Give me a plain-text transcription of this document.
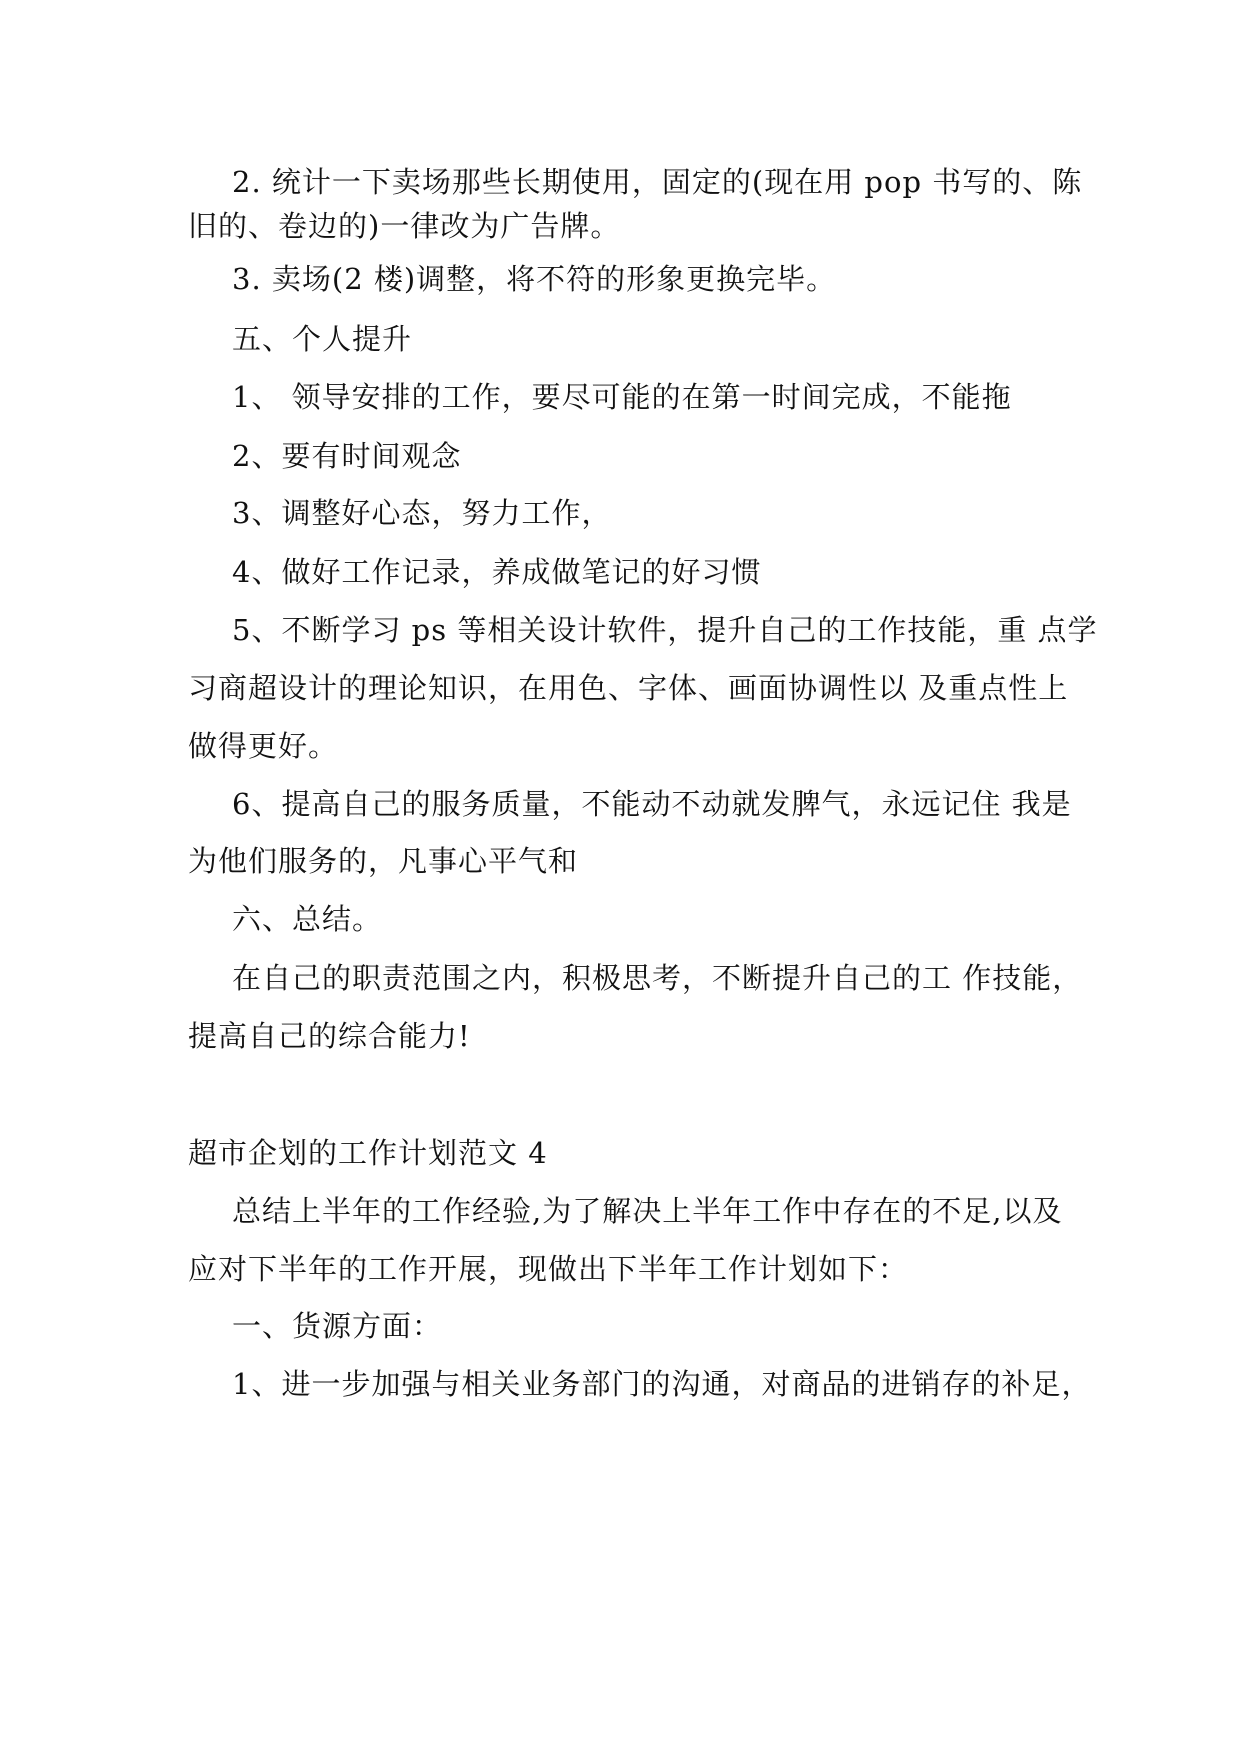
2. 统计一下卖场那些长期使用，固定的(现在用 pop 书写的、陈
旧的、卷边的)一律改为广告牌。
3. 卖场(2 楼)调整，将不符的形象更换完毕。
五、个人提升
1、 领导安排的工作，要尽可能的在第一时间完成，不能拖
2、要有时间观念
3、调整好心态，努力工作，
4、做好工作记录，养成做笔记的好习惯
5、不断学习 ps 等相关设计软件，提升自己的工作技能，重 点学
习商超设计的理论知识，在用色、字体、画面协调性以 及重点性上
做得更好。
6、提高自己的服务质量，不能动不动就发脾气，永远记住 我是
为他们服务的，凡事心平气和
六、总结。
在自己的职责范围之内，积极思考，不断提升自己的工 作技能，
提高自己的综合能力!
超市企划的工作计划范文 4
总结上半年的工作经验,为了解决上半年工作中存在的不足,以及
应对下半年的工作开展，现做出下半年工作计划如下：
一、货源方面：
1、进一步加强与相关业务部门的沟通，对商品的进销存的补足，
